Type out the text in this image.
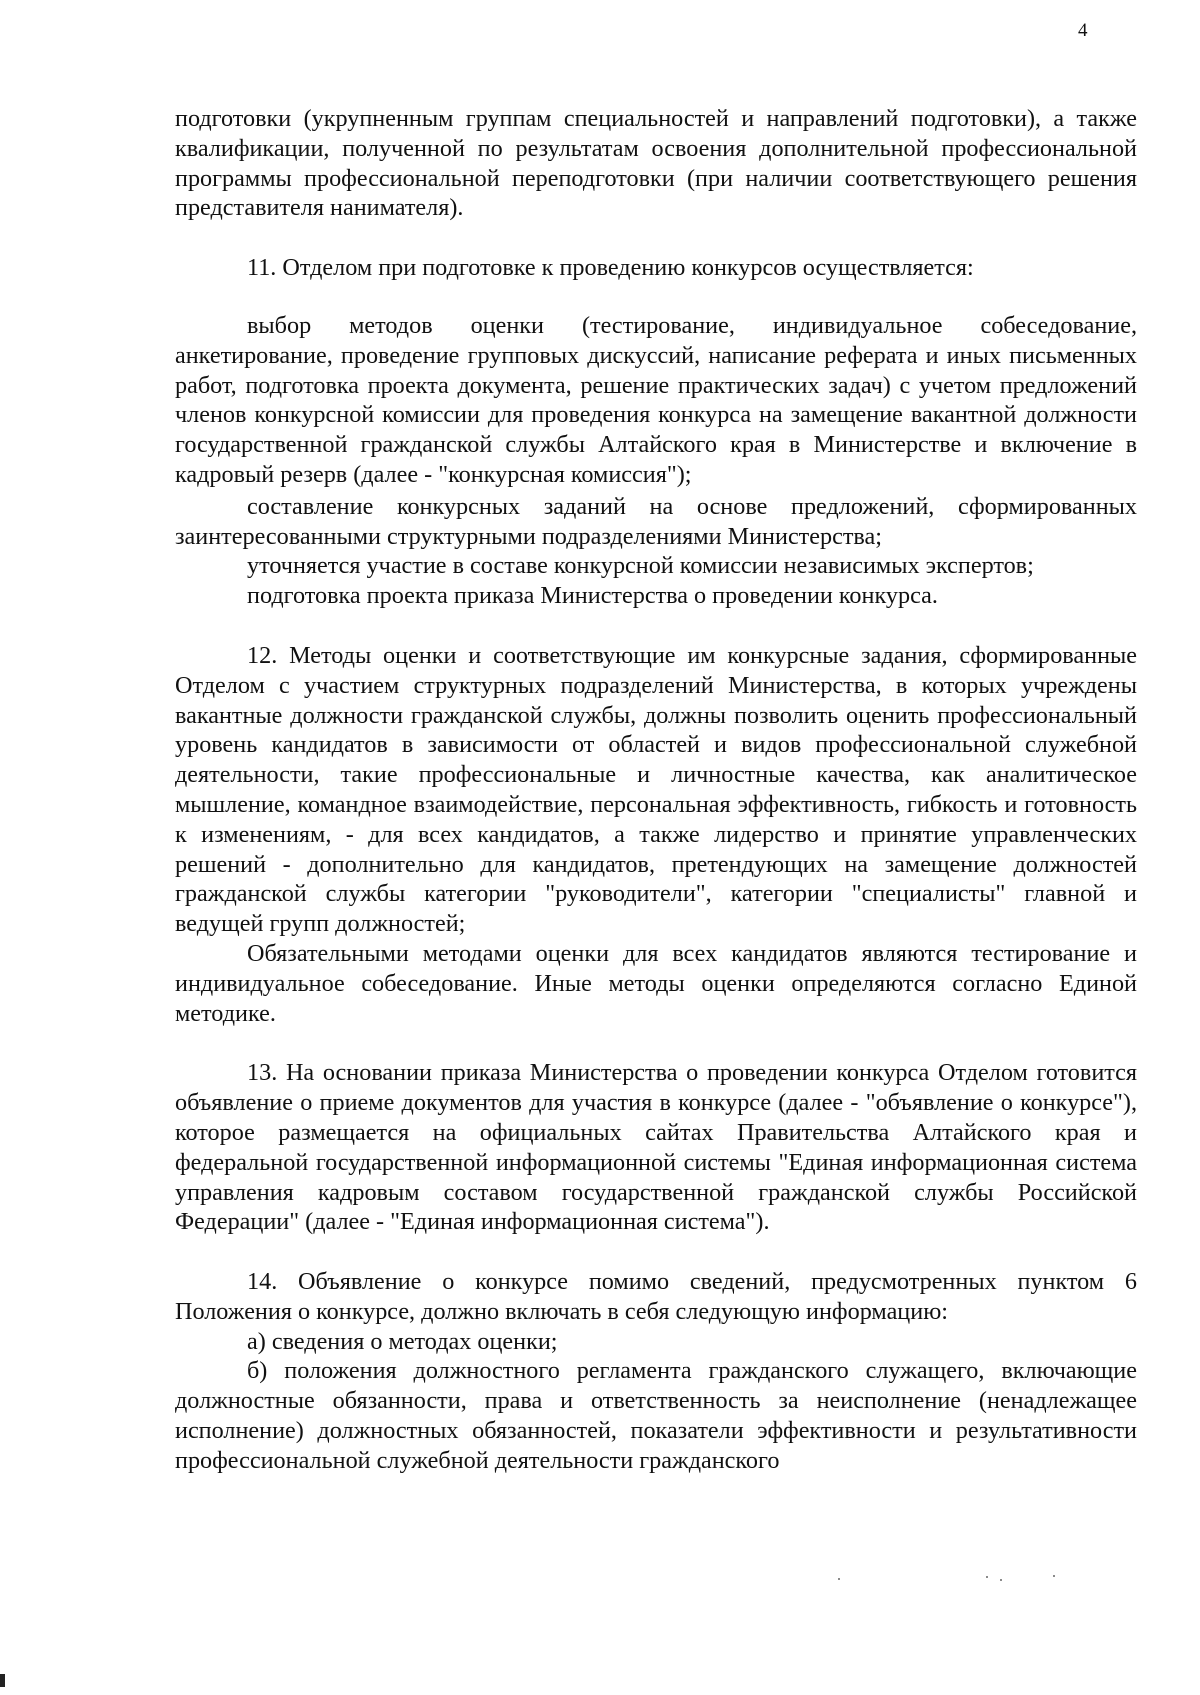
4

подготовки (укрупненным группам специальностей и направлений подготовки), а также квалификации, полученной по результатам освоения дополнительной профессиональной программы профессиональной переподготовки (при наличии соответствующего решения представителя нанимателя).

11. Отделом при подготовке к проведению конкурсов осуществляется:

выбор методов оценки (тестирование, индивидуальное собеседование, анкетирование, проведение групповых дискуссий, написание реферата и иных письменных работ, подготовка проекта документа, решение практических задач) с учетом предложений членов конкурсной комиссии для проведения конкурса на замещение вакантной должности государственной гражданской службы Алтайского края в Министерстве и включение в кадровый резерв (далее - "конкурсная комиссия");

составление конкурсных заданий на основе предложений, сформированных заинтересованными структурными подразделениями Министерства;

уточняется участие в составе конкурсной комиссии независимых экспертов;

подготовка проекта приказа Министерства о проведении конкурса.

12. Методы оценки и соответствующие им конкурсные задания, сформированные Отделом с участием структурных подразделений Министерства, в которых учреждены вакантные должности гражданской службы, должны позволить оценить профессиональный уровень кандидатов в зависимости от областей и видов профессиональной служебной деятельности, такие профессиональные и личностные качества, как аналитическое мышление, командное взаимодействие, персональная эффективность, гибкость и готовность к изменениям, - для всех кандидатов, а также лидерство и принятие управленческих решений - дополнительно для кандидатов, претендующих на замещение должностей гражданской службы категории "руководители", категории "специалисты" главной и ведущей групп должностей;

Обязательными методами оценки для всех кандидатов являются тестирование и индивидуальное собеседование. Иные методы оценки определяются согласно Единой методике.

13. На основании приказа Министерства о проведении конкурса Отделом готовится объявление о приеме документов для участия в конкурсе (далее - "объявление о конкурсе"), которое размещается на официальных сайтах Правительства Алтайского края и федеральной государственной информационной системы "Единая информационная система управления кадровым составом государственной гражданской службы Российской Федерации" (далее - "Единая информационная система").

14. Объявление о конкурсе помимо сведений, предусмотренных пунктом 6 Положения о конкурсе, должно включать в себя следующую информацию:

а) сведения о методах оценки;

б) положения должностного регламента гражданского служащего, включающие должностные обязанности, права и ответственность за неисполнение (ненадлежащее исполнение) должностных обязанностей, показатели эффективности и результативности профессиональной служебной деятельности гражданского
